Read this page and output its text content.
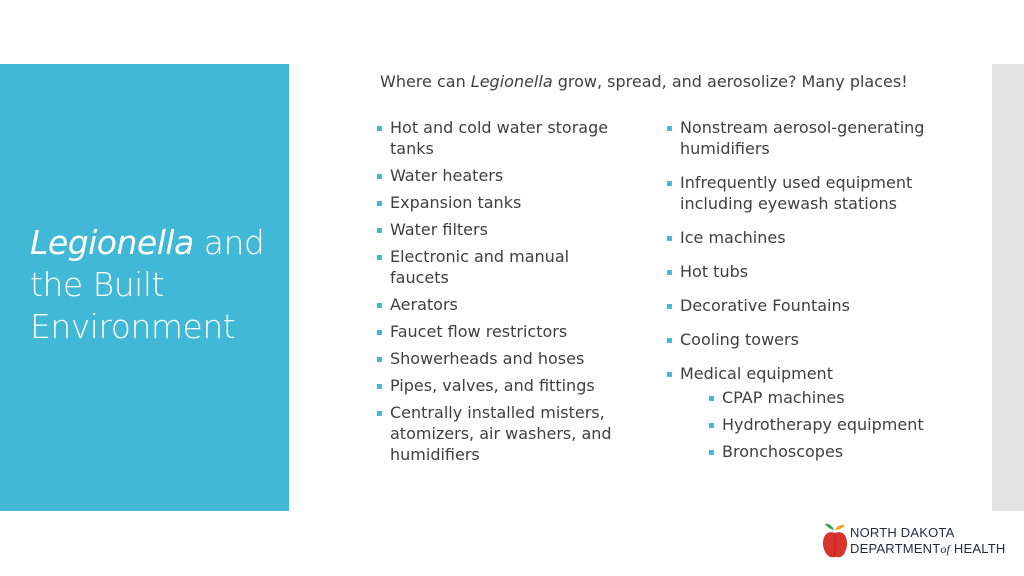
Legionella and
the Built
Environment
Where can Legionella grow, spread, and aerosolize? Many places!
▪ Hot and cold water storage tanks
▪ Water heaters
▪ Expansion tanks
▪ Water filters
▪ Electronic and manual faucets
▪ Aerators
▪ Faucet flow restrictors
▪ Showerheads and hoses
▪ Pipes, valves, and fittings
▪ Centrally installed misters, atomizers, air washers, and humidifiers
▪ Nonstream aerosol-generating humidifiers
▪ Infrequently used equipment including eyewash stations
▪ Ice machines
▪ Hot tubs
▪ Decorative Fountains
▪ Cooling towers
▪ Medical equipment
▪ CPAP machines
▪ Hydrotherapy equipment
▪ Bronchoscopes
NORTH DAKOTA
DEPARTMENTof HEALTH
